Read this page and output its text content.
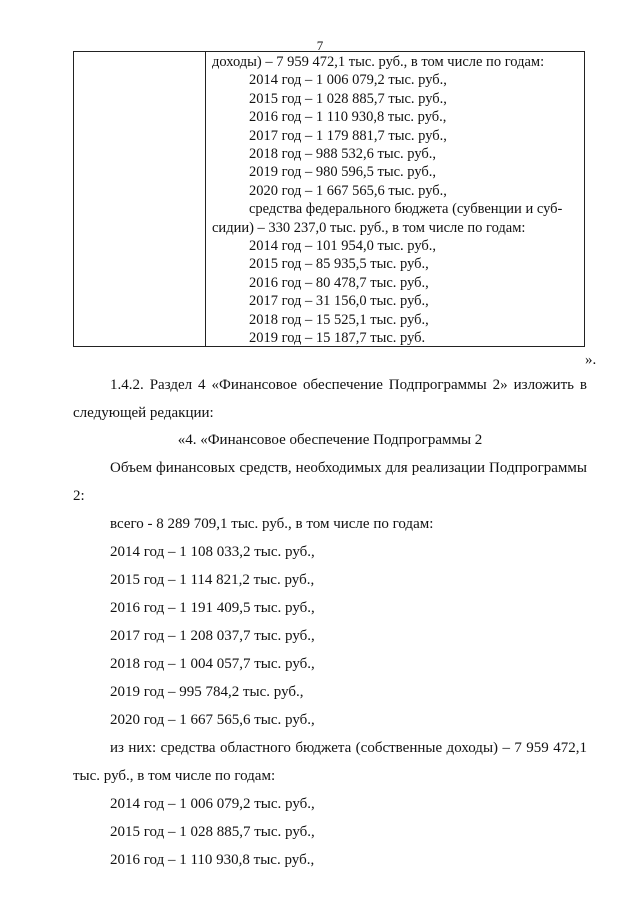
7
доходы) – 7 959 472,1 тыс. руб., в том числе по годам:
2014 год – 1 006 079,2 тыс. руб.,
2015 год – 1 028 885,7 тыс. руб.,
2016 год – 1 110 930,8 тыс. руб.,
2017 год – 1 179 881,7 тыс. руб.,
2018 год – 988 532,6 тыс. руб.,
2019 год – 980 596,5 тыс. руб.,
2020 год – 1 667 565,6 тыс. руб.,
средства федерального бюджета (субвенции и суб-
сидии) – 330 237,0 тыс. руб., в том числе по годам:
2014 год – 101 954,0 тыс. руб.,
2015 год – 85 935,5 тыс. руб.,
2016 год – 80 478,7 тыс. руб.,
2017 год – 31 156,0 тыс. руб.,
2018 год – 15 525,1 тыс. руб.,
2019 год – 15 187,7 тыс. руб.
».
1.4.2. Раздел 4 «Финансовое обеспечение Подпрограммы 2» изложить в
следующей редакции:
«4. «Финансовое обеспечение Подпрограммы 2
Объем финансовых средств, необходимых для реализации Подпрограммы
2:
всего - 8 289 709,1 тыс. руб., в том числе по годам:
2014 год – 1 108 033,2 тыс. руб.,
2015 год – 1 114 821,2 тыс. руб.,
2016 год – 1 191 409,5 тыс. руб.,
2017 год – 1 208 037,7 тыс. руб.,
2018 год – 1 004 057,7 тыс. руб.,
2019 год – 995 784,2 тыс. руб.,
2020 год – 1 667 565,6 тыс. руб.,
из них: средства областного бюджета (собственные доходы) – 7 959 472,1
тыс. руб., в том числе по годам:
2014 год – 1 006 079,2 тыс. руб.,
2015 год – 1 028 885,7 тыс. руб.,
2016 год – 1 110 930,8 тыс. руб.,
